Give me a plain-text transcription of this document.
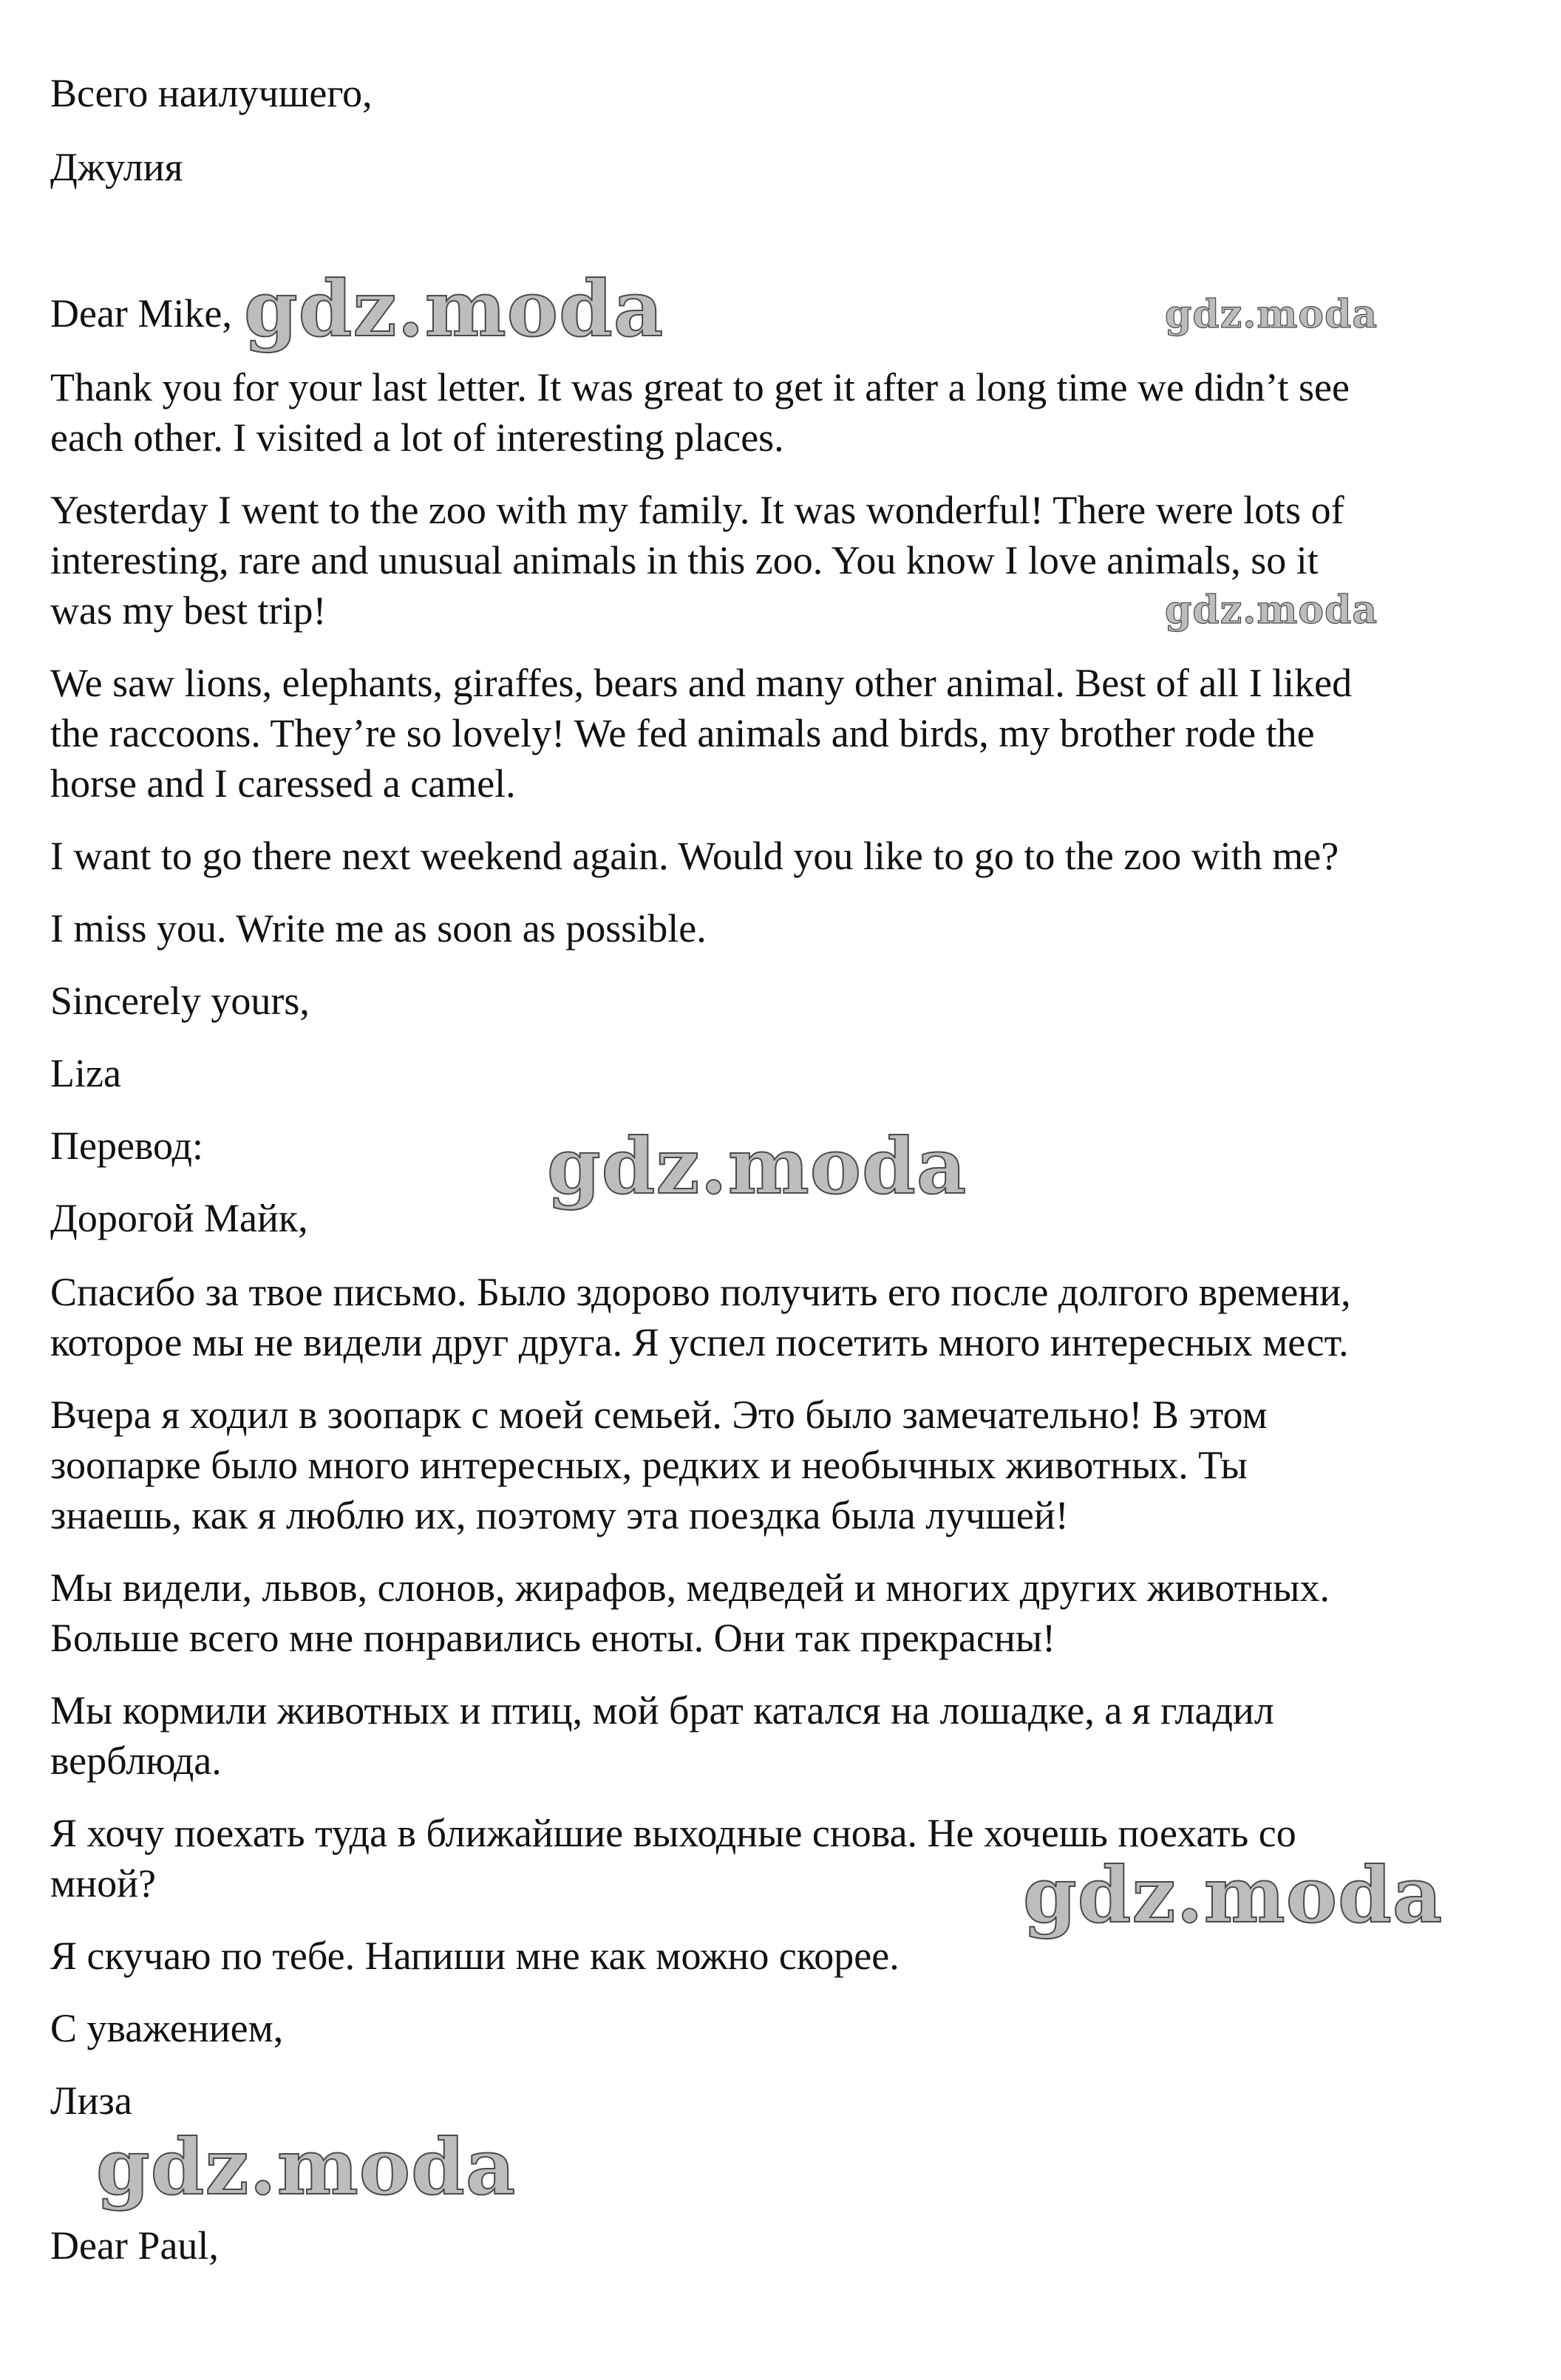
Всего наилучшего,

Джулия

Dear Mike,

Thank you for your last letter. It was great to get it after a long time we didn’t see
each other. I visited a lot of interesting places.

Yesterday I went to the zoo with my family. It was wonderful! There were lots of
interesting, rare and unusual animals in this zoo. You know I love animals, so it
was my best trip!

We saw lions, elephants, giraffes, bears and many other animal. Best of all I liked
the raccoons. They’re so lovely! We fed animals and birds, my brother rode the
horse and I caressed a camel.

I want to go there next weekend again. Would you like to go to the zoo with me?

I miss you. Write me as soon as possible.

Sincerely yours,

Liza

Перевод:

Дорогой Майк,

Спасибо за твое письмо. Было здорово получить его после долгого времени,
которое мы не видели друг друга. Я успел посетить много интересных мест.

Вчера я ходил в зоопарк с моей семьей. Это было замечательно! В этом
зоопарке было много интересных, редких и необычных животных. Ты
знаешь, как я люблю их, поэтому эта поездка была лучшей!

Мы видели, львов, слонов, жирафов, медведей и многих других животных.
Больше всего мне понравились еноты. Они так прекрасны!

Мы кормили животных и птиц, мой брат катался на лошадке, а я гладил
верблюда.

Я хочу поехать туда в ближайшие выходные снова. Не хочешь поехать со
мной?

Я скучаю по тебе. Напиши мне как можно скорее.

С уважением,

Лиза

Dear Paul,

gdz.moda	gdz.moda
gdz.moda
gdz.moda
gdz.moda
gdz.moda
